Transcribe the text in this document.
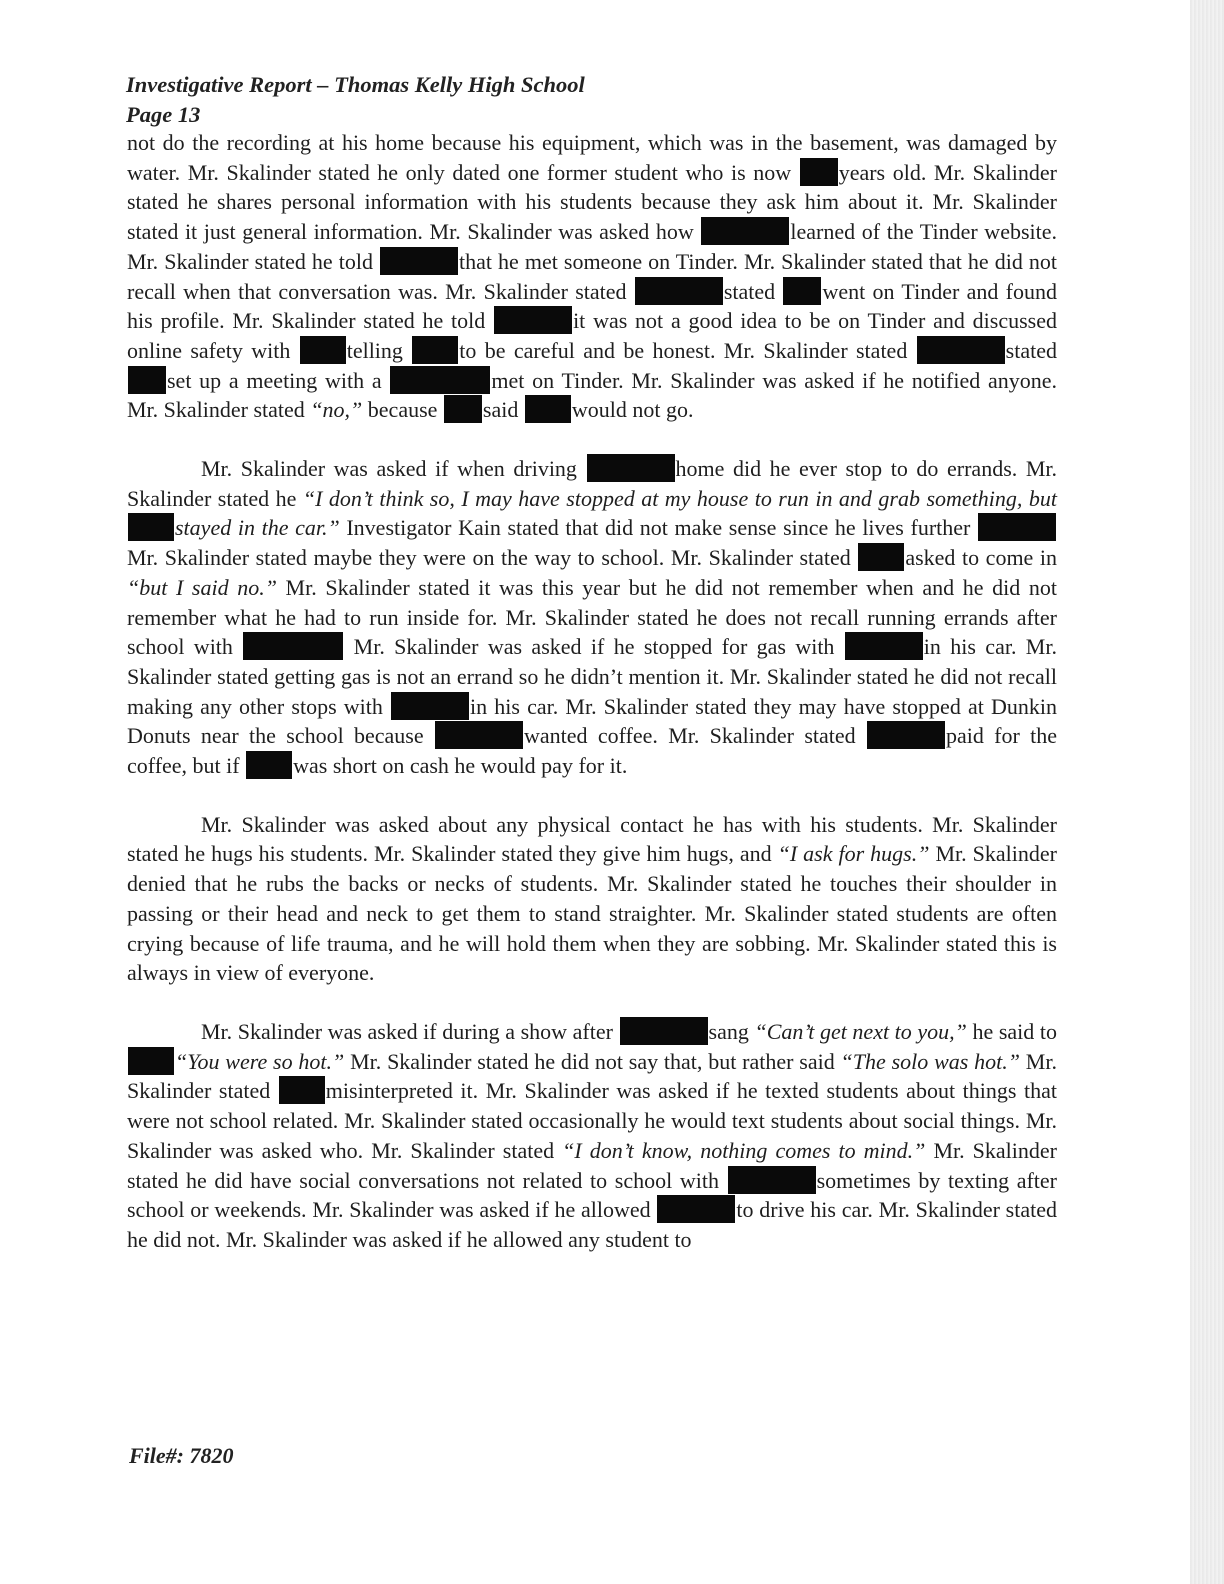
Investigative Report – Thomas Kelly High School
Page 13

not do the recording at his home because his equipment, which was in the basement, was damaged by water. Mr. Skalinder stated he only dated one former student who is now years old. Mr. Skalinder stated he shares personal information with his students because they ask him about it. Mr. Skalinder stated it just general information. Mr. Skalinder was asked how	learned of the Tinder website. Mr. Skalinder stated he told	that he met someone on Tinder. Mr. Skalinder stated that he did not recall when that conversation was. Mr. Skalinder stated	stated went on Tinder and found his profile. Mr. Skalinder stated he told	it was not a good idea to be on Tinder and discussed online safety with telling to be careful and be honest. Mr. Skalinder stated	stated set up a meeting with a	met on Tinder. Mr. Skalinder was asked if he notified anyone. Mr. Skalinder stated “no,” because said would not go.

Mr. Skalinder was asked if when driving	home did he ever stop to do errands. Mr. Skalinder stated he “I don’t think so, I may have stopped at my house to run in and grab something, but stayed in the car.” Investigator Kain stated that did not make sense since he lives further Mr. Skalinder stated maybe they were on the way to school. Mr. Skalinder stated asked to come in “but I said no.” Mr. Skalinder stated it was this year but he did not remember when and he did not remember what he had to run inside for. Mr. Skalinder stated he does not recall running errands after school with	Mr. Skalinder was asked if he stopped for gas with	in his car. Mr. Skalinder stated getting gas is not an errand so he didn’t mention it. Mr. Skalinder stated he did not recall making any other stops with	in his car. Mr. Skalinder stated they may have stopped at Dunkin Donuts near the school because	wanted coffee. Mr. Skalinder stated	paid for the coffee, but if was short on cash he would pay for it.

Mr. Skalinder was asked about any physical contact he has with his students. Mr. Skalinder stated he hugs his students. Mr. Skalinder stated they give him hugs, and “I ask for hugs.” Mr. Skalinder denied that he rubs the backs or necks of students. Mr. Skalinder stated he touches their shoulder in passing or their head and neck to get them to stand straighter. Mr. Skalinder stated students are often crying because of life trauma, and he will hold them when they are sobbing. Mr. Skalinder stated this is always in view of everyone.

Mr. Skalinder was asked if during a show after	sang “Can’t get next to you,” he said to “You were so hot.” Mr. Skalinder stated he did not say that, but rather said “The solo was hot.” Mr. Skalinder stated misinterpreted it. Mr. Skalinder was asked if he texted students about things that were not school related. Mr. Skalinder stated occasionally he would text students about social things. Mr. Skalinder was asked who. Mr. Skalinder stated “I don’t know, nothing comes to mind.” Mr. Skalinder stated he did have social conversations not related to school with	sometimes by texting after school or weekends. Mr. Skalinder was asked if he allowed	to drive his car. Mr. Skalinder stated he did not. Mr. Skalinder was asked if he allowed any student to

File#: 7820
